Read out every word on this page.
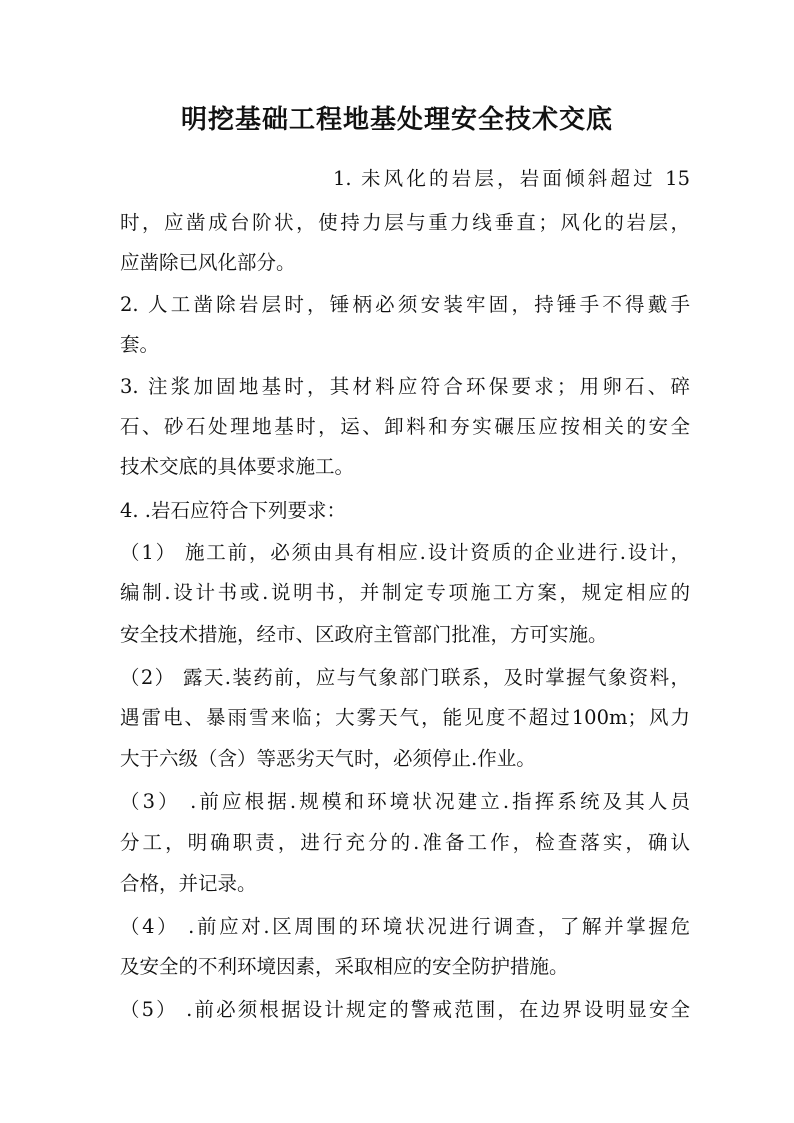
明挖基础工程地基处理安全技术交底

1. 未风化的岩层，岩面倾斜超过 15

时，应凿成台阶状，使持力层与重力线垂直；风化的岩层，

应凿除已风化部分。

2. 人工凿除岩层时，锤柄必须安装牢固，持锤手不得戴手

套。

3. 注浆加固地基时，其材料应符合环保要求；用卵石、碎

石、砂石处理地基时，运、卸料和夯实碾压应按相关的安全

技术交底的具体要求施工。

4. .岩石应符合下列要求：

（1） 施工前，必须由具有相应.设计资质的企业进行.设计，

编制.设计书或.说明书，并制定专项施工方案，规定相应的

安全技术措施，经市、区政府主管部门批准，方可实施。

（2） 露天.装药前，应与气象部门联系，及时掌握气象资料，

遇雷电、暴雨雪来临；大雾天气，能见度不超过100m；风力

大于六级（含）等恶劣天气时，必须停止.作业。

（3） .前应根据.规模和环境状况建立.指挥系统及其人员

分工，明确职责，进行充分的.准备工作，检查落实，确认

合格，并记录。

（4） .前应对.区周围的环境状况进行调查，了解并掌握危

及安全的不利环境因素，采取相应的安全防护措施。

（5） .前必须根据设计规定的警戒范围，在边界设明显安全
